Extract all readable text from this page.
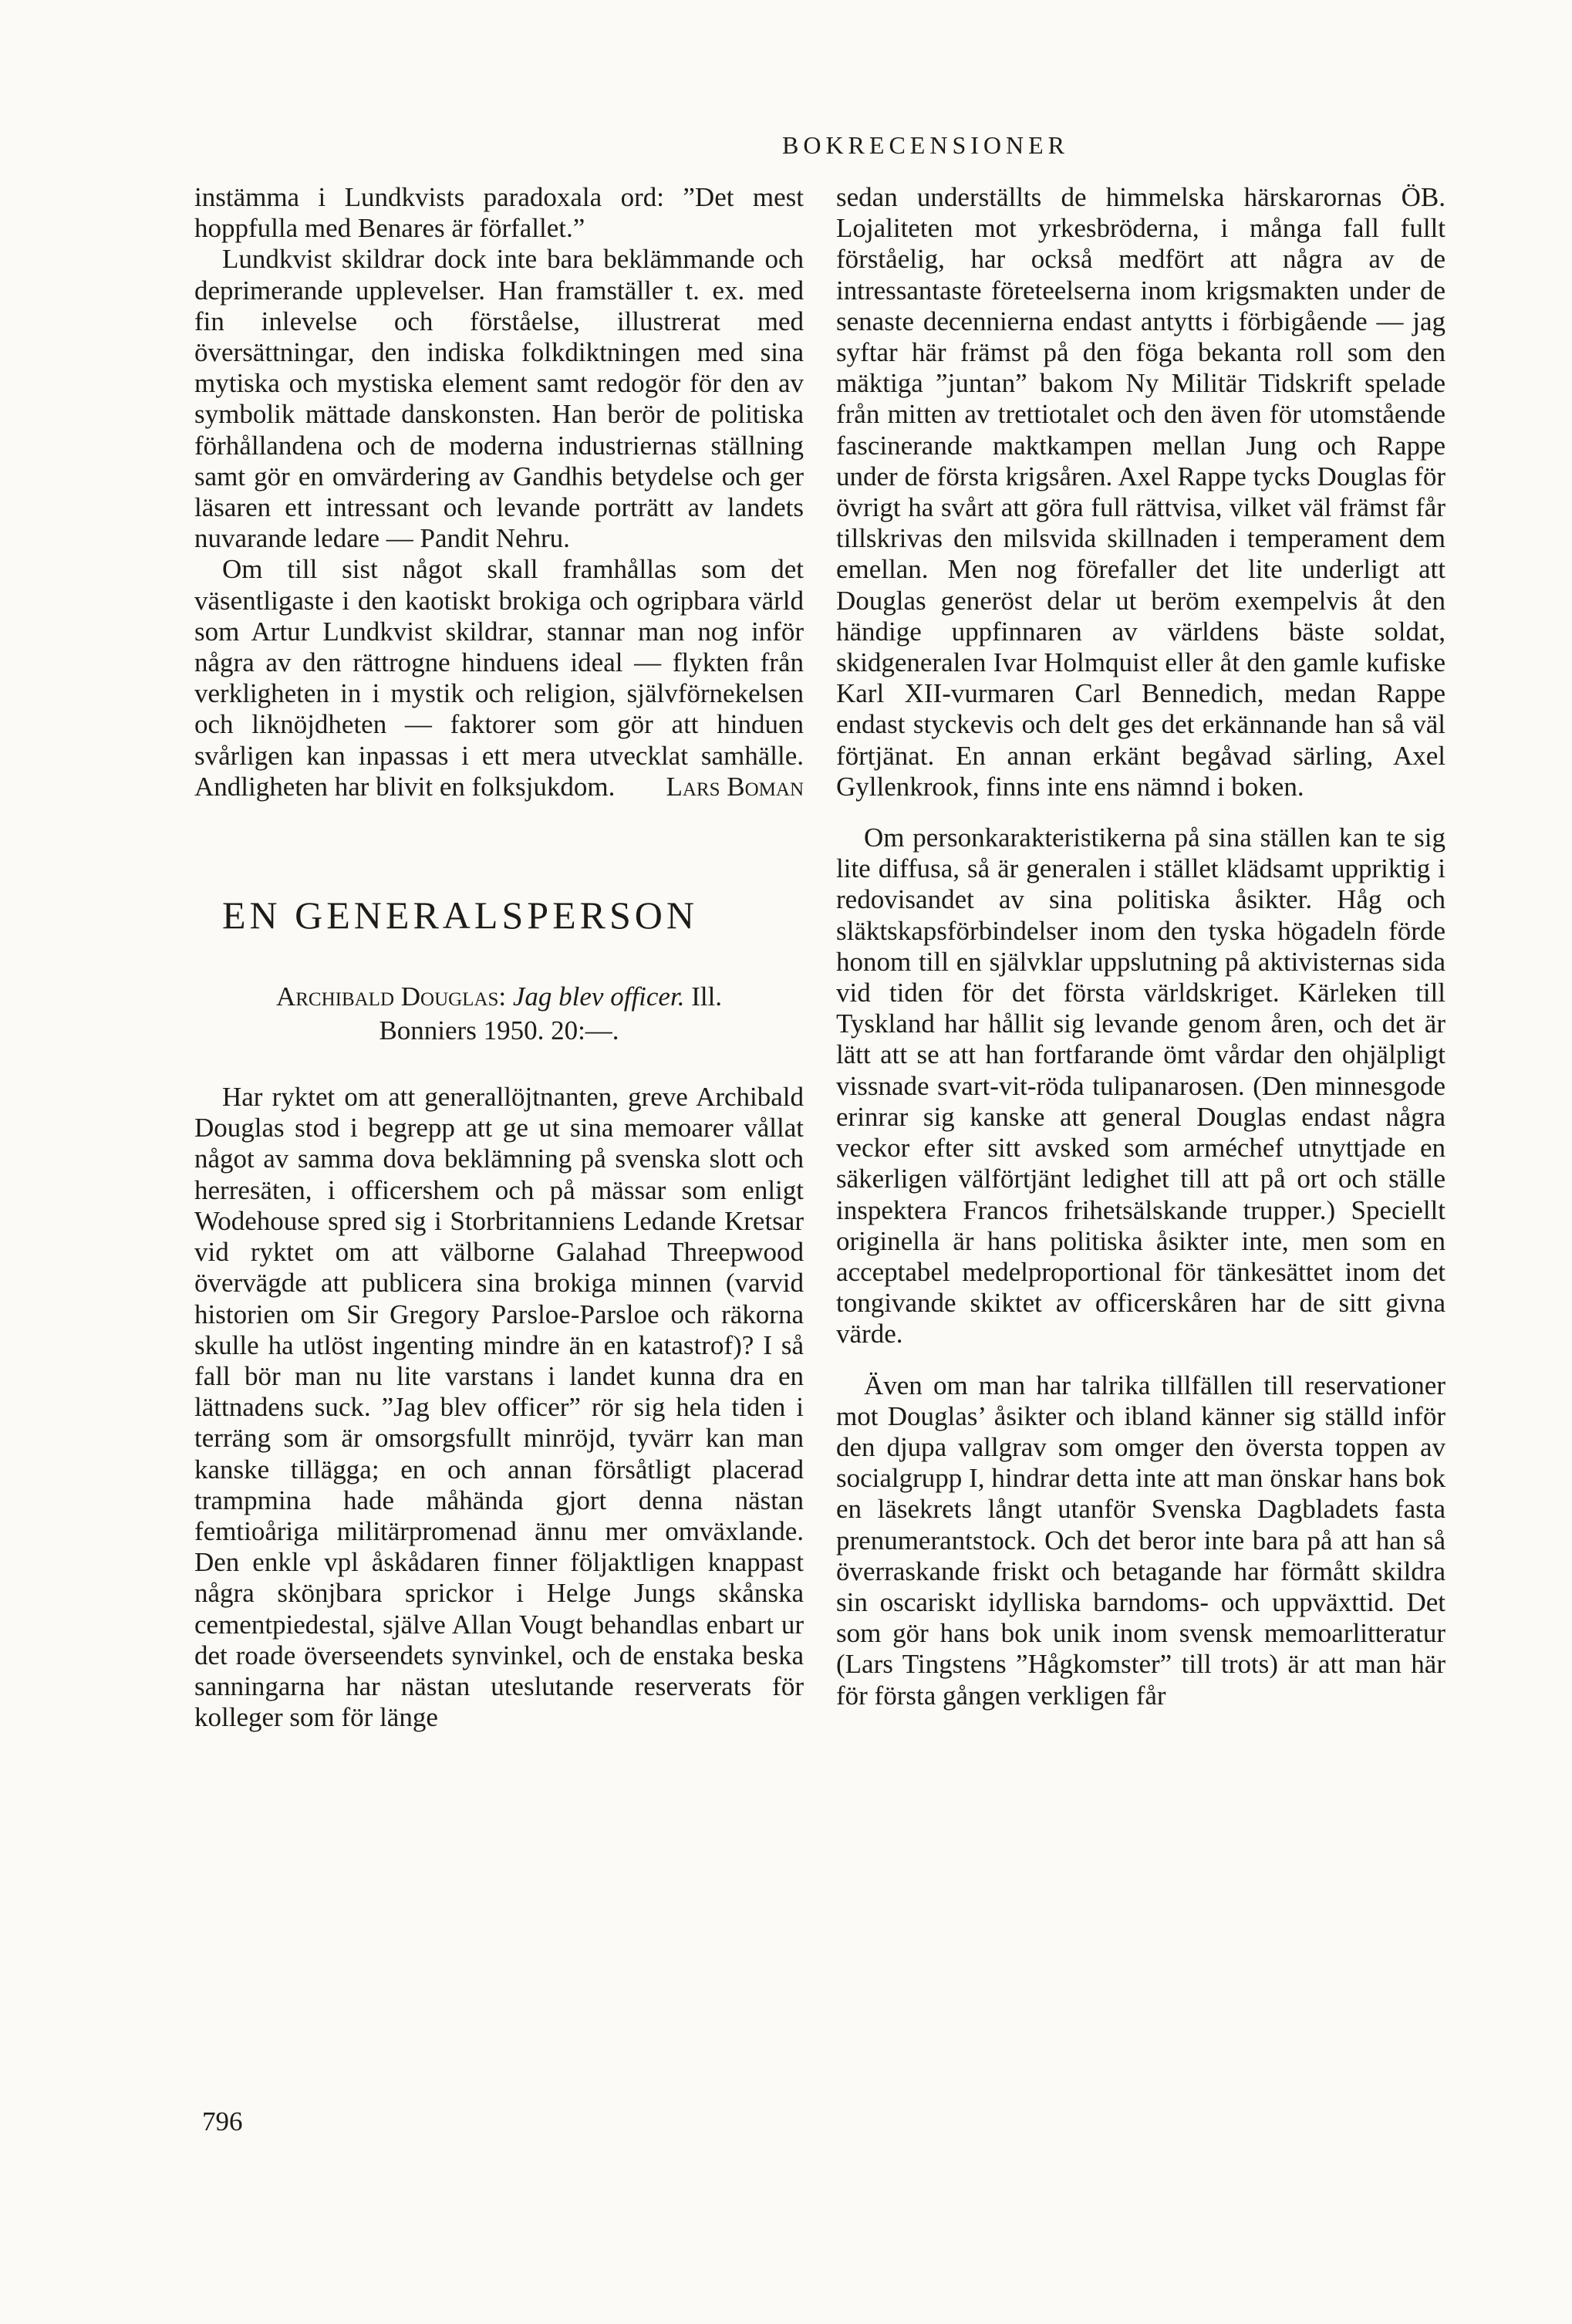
BOKRECENSIONER

instämma i Lundkvists paradoxala ord: ”Det mest hoppfulla med Benares är förfallet.”

Lundkvist skildrar dock inte bara beklämmande och deprimerande upplevelser. Han framställer t. ex. med fin inlevelse och förståelse, illustrerat med översättningar, den indiska folkdiktningen med sina mytiska och mystiska element samt redogör för den av symbolik mättade danskonsten. Han berör de politiska förhållandena och de moderna industriernas ställning samt gör en omvärdering av Gandhis betydelse och ger läsaren ett intressant och levande porträtt av landets nuvarande ledare — Pandit Nehru.

Om till sist något skall framhållas som det väsentligaste i den kaotiskt brokiga och ogripbara värld som Artur Lundkvist skildrar, stannar man nog inför några av den rättrogne hinduens ideal — flykten från verkligheten in i mystik och religion, självförnekelsen och liknöjdheten — faktorer som gör att hinduen svårligen kan inpassas i ett mera utvecklat samhälle. Andligheten har blivit en folksjukdom.	Lars Boman
EN GENERALSPERSON
Archibald Douglas: Jag blev officer. Ill.
Bonniers 1950. 20:—.

Har ryktet om att generallöjtnanten, greve Archibald Douglas stod i begrepp att ge ut sina memoarer vållat något av samma dova beklämning på svenska slott och herresäten, i officershem och på mässar som enligt Wodehouse spred sig i Storbritanniens Ledande Kretsar vid ryktet om att välborne Galahad Threepwood övervägde att publicera sina brokiga minnen (varvid historien om Sir Gregory Parsloe-Parsloe och räkorna skulle ha utlöst ingenting mindre än en katastrof)? I så fall bör man nu lite varstans i landet kunna dra en lättnadens suck. ”Jag blev officer” rör sig hela tiden i terräng som är omsorgsfullt minröjd, tyvärr kan man kanske tillägga; en och annan försåtligt placerad trampmina hade måhända gjort denna nästan femtioåriga militärpromenad ännu mer omväxlande. Den enkle vpl åskådaren finner följaktligen knappast några skönjbara sprickor i Helge Jungs skånska cementpiedestal, själve Allan Vougt behandlas enbart ur det roade överseendets synvinkel, och de enstaka beska sanningarna har nästan uteslutande reserverats för kolleger som för länge

sedan underställts de himmelska härskarornas ÖB. Lojaliteten mot yrkesbröderna, i många fall fullt förståelig, har också medfört att några av de intressantaste företeelserna inom krigsmakten under de senaste decennierna endast antytts i förbigående — jag syftar här främst på den föga bekanta roll som den mäktiga ”juntan” bakom Ny Militär Tidskrift spelade från mitten av trettiotalet och den även för utomstående fascinerande maktkampen mellan Jung och Rappe under de första krigsåren. Axel Rappe tycks Douglas för övrigt ha svårt att göra full rättvisa, vilket väl främst får tillskrivas den milsvida skillnaden i temperament dem emellan. Men nog förefaller det lite underligt att Douglas generöst delar ut beröm exempelvis åt den händige uppfinnaren av världens bäste soldat, skidgeneralen Ivar Holmquist eller åt den gamle kufiske Karl XII-vurmaren Carl Bennedich, medan Rappe endast styckevis och delt ges det erkännande han så väl förtjänat. En annan erkänt begåvad särling, Axel Gyllenkrook, finns inte ens nämnd i boken.

Om personkarakteristikerna på sina ställen kan te sig lite diffusa, så är generalen i stället klädsamt uppriktig i redovisandet av sina politiska åsikter. Håg och släktskapsförbindelser inom den tyska högadeln förde honom till en självklar uppslutning på aktivisternas sida vid tiden för det första världskriget. Kärleken till Tyskland har hållit sig levande genom åren, och det är lätt att se att han fortfarande ömt vårdar den ohjälpligt vissnade svart-vit-röda tulipanarosen. (Den minnesgode erinrar sig kanske att general Douglas endast några veckor efter sitt avsked som arméchef utnyttjade en säkerligen välförtjänt ledighet till att på ort och ställe inspektera Francos frihetsälskande trupper.) Speciellt originella är hans politiska åsikter inte, men som en acceptabel medelproportional för tänkesättet inom det tongivande skiktet av officerskåren har de sitt givna värde.

Även om man har talrika tillfällen till reservationer mot Douglas’ åsikter och ibland känner sig ställd inför den djupa vallgrav som omger den översta toppen av socialgrupp I, hindrar detta inte att man önskar hans bok en läsekrets långt utanför Svenska Dagbladets fasta prenumerantstock. Och det beror inte bara på att han så överraskande friskt och betagande har förmått skildra sin oscariskt idylliska barndoms- och uppväxttid. Det som gör hans bok unik inom svensk memoarlitteratur (Lars Tingstens ”Hågkomster” till trots) är att man här för första gången verkligen får

796
